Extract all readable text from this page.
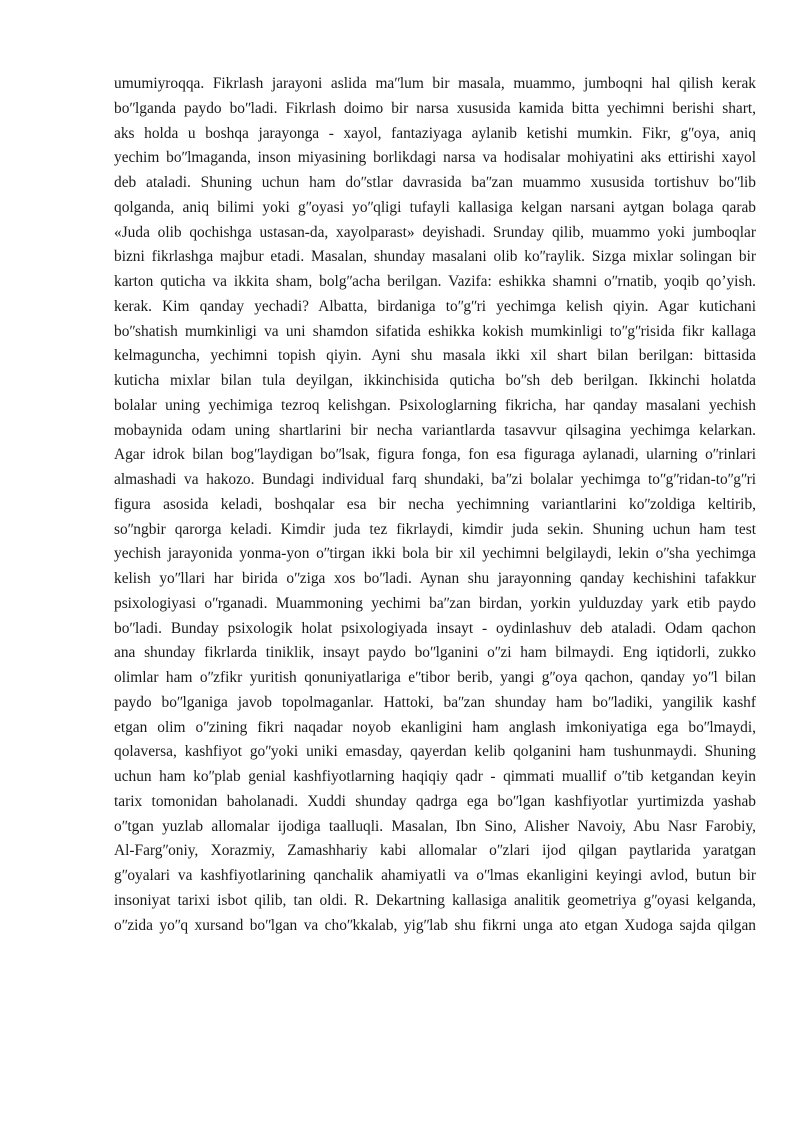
umumiyroqqa. Fikrlash jarayoni aslida maʺlum bir masala, muammo, jumboqni hal qilish kerak
boʺlganda paydo boʺladi. Fikrlash doimo bir narsa xususida kamida bitta yechimni berishi shart,
aks holda u boshqa jarayonga - xayol, fantaziyaga aylanib ketishi mumkin. Fikr, gʺoya, aniq
yechim boʺlmaganda, inson miyasining borlikdagi narsa va hodisalar mohiyatini aks ettirishi xayol
deb ataladi. Shuning uchun ham doʺstlar davrasida baʺzan muammo xususida tortishuv boʺlib
qolganda, aniq bilimi yoki gʺoyasi yoʺqligi tufayli kallasiga kelgan narsani aytgan bolaga qarab
«Juda olib qochishga ustasan-da, xayolparast» deyishadi. Srunday qilib, muammo yoki jumboqlar
bizni fikrlashga majbur etadi. Masalan, shunday masalani olib koʺraylik. Sizga mixlar solingan bir
karton quticha va ikkita sham, bolgʺacha berilgan. Vazifa: eshikka shamni oʺrnatib, yoqib qo’yish.
kerak. Kim qanday yechadi? Albatta, birdaniga toʺgʺri yechimga kelish qiyin. Agar kutichani
boʺshatish mumkinligi va uni shamdon sifatida eshikka kokish mumkinligi toʺgʺrisida fikr kallaga
kelmaguncha, yechimni topish qiyin. Ayni shu masala ikki xil shart bilan berilgan: bittasida
kuticha mixlar bilan tula deyilgan, ikkinchisida quticha boʺsh deb berilgan. Ikkinchi holatda
bolalar uning yechimiga tezroq kelishgan. Psixologlarning fikricha, har qanday masalani yechish
mobaynida odam uning shartlarini bir necha variantlarda tasavvur qilsagina yechimga kelarkan.
Agar idrok bilan bogʺlaydigan boʺlsak, figura fonga, fon esa figuraga aylanadi, ularning oʺrinlari
almashadi va hakozo. Bundagi individual farq shundaki, baʺzi bolalar yechimga toʺgʺridan-toʺgʺri
figura asosida keladi, boshqalar esa bir necha yechimning variantlarini koʺzoldiga keltirib,
soʺngbir qarorga keladi. Kimdir juda tez fikrlaydi, kimdir juda sekin. Shuning uchun ham test
yechish jarayonida yonma-yon oʺtirgan ikki bola bir xil yechimni belgilaydi, lekin oʺsha yechimga
kelish yoʺllari har birida oʺziga xos boʺladi. Aynan shu jarayonning qanday kechishini tafakkur
psixologiyasi oʺrganadi. Muammoning yechimi baʺzan birdan, yorkin yulduzday yark etib paydo
boʺladi. Bunday psixologik holat psixologiyada insayt - oydinlashuv deb ataladi. Odam qachon
ana shunday fikrlarda tiniklik, insayt paydo boʺlganini oʺzi ham bilmaydi. Eng iqtidorli, zukko
olimlar ham oʺzfikr yuritish qonuniyatlariga eʺtibor berib, yangi gʺoya qachon, qanday yoʺl bilan
paydo boʺlganiga javob topolmaganlar. Hattoki, baʺzan shunday ham boʺladiki, yangilik kashf
etgan olim oʺzining fikri naqadar noyob ekanligini ham anglash imkoniyatiga ega boʺlmaydi,
qolaversa, kashfiyot goʺyoki uniki emasday, qayerdan kelib qolganini ham tushunmaydi. Shuning
uchun ham koʺplab genial kashfiyotlarning haqiqiy qadr - qimmati muallif oʺtib ketgandan keyin
tarix tomonidan baholanadi. Xuddi shunday qadrga ega boʺlgan kashfiyotlar yurtimizda yashab
oʺtgan yuzlab allomalar ijodiga taalluqli. Masalan, Ibn Sino, Alisher Navoiy, Abu Nasr Farobiy,
Al-Fargʺoniy, Xorazmiy, Zamashhariy kabi allomalar oʺzlari ijod qilgan paytlarida yaratgan
gʺoyalari va kashfiyotlarining qanchalik ahamiyatli va oʺlmas ekanligini keyingi avlod, butun bir
insoniyat tarixi isbot qilib, tan oldi. R. Dekartning kallasiga analitik geometriya gʺoyasi kelganda,
oʺzida yoʺq xursand boʺlgan va choʺkkalab, yigʺlab shu fikrni unga ato etgan Xudoga sajda qilgan
